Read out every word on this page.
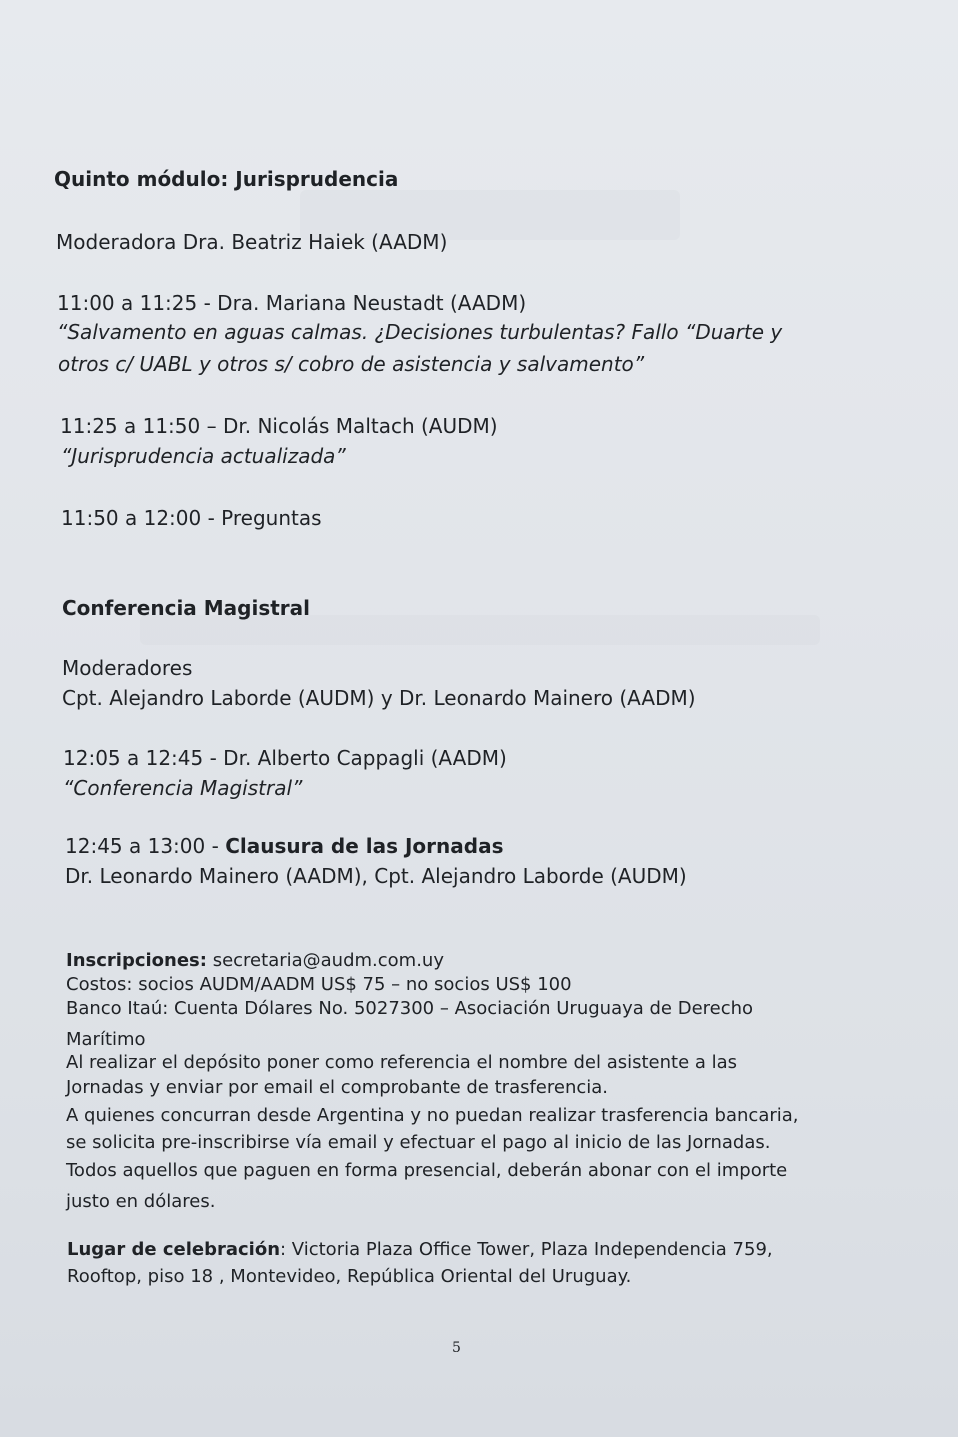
Quinto módulo: Jurisprudencia
Moderadora Dra. Beatriz Haiek (AADM)
11:00 a 11:25 - Dra. Mariana Neustadt (AADM)
“Salvamento en aguas calmas. ¿Decisiones turbulentas? Fallo “Duarte y
otros c/ UABL y otros s/ cobro de asistencia y salvamento”
11:25 a 11:50 – Dr. Nicolás Maltach (AUDM)
“Jurisprudencia actualizada”
11:50 a 12:00 - Preguntas
Conferencia Magistral
Moderadores
Cpt. Alejandro Laborde (AUDM) y Dr. Leonardo Mainero (AADM)
12:05 a 12:45 - Dr. Alberto Cappagli (AADM)
“Conferencia Magistral”
12:45 a 13:00 - Clausura de las Jornadas
Dr. Leonardo Mainero (AADM), Cpt. Alejandro Laborde (AUDM)
Inscripciones: secretaria@audm.com.uy
Costos: socios AUDM/AADM US$ 75 – no socios US$ 100
Banco Itaú: Cuenta Dólares No. 5027300 – Asociación Uruguaya de Derecho
Marítimo
Al realizar el depósito poner como referencia el nombre del asistente a las
Jornadas y enviar por email el comprobante de trasferencia.
A quienes concurran desde Argentina y no puedan realizar trasferencia bancaria,
se solicita pre-inscribirse vía email y efectuar el pago al inicio de las Jornadas.
Todos aquellos que paguen en forma presencial, deberán abonar con el importe
justo en dólares.
Lugar de celebración: Victoria Plaza Office Tower, Plaza Independencia 759,
Rooftop, piso 18 , Montevideo, República Oriental del Uruguay.
5
